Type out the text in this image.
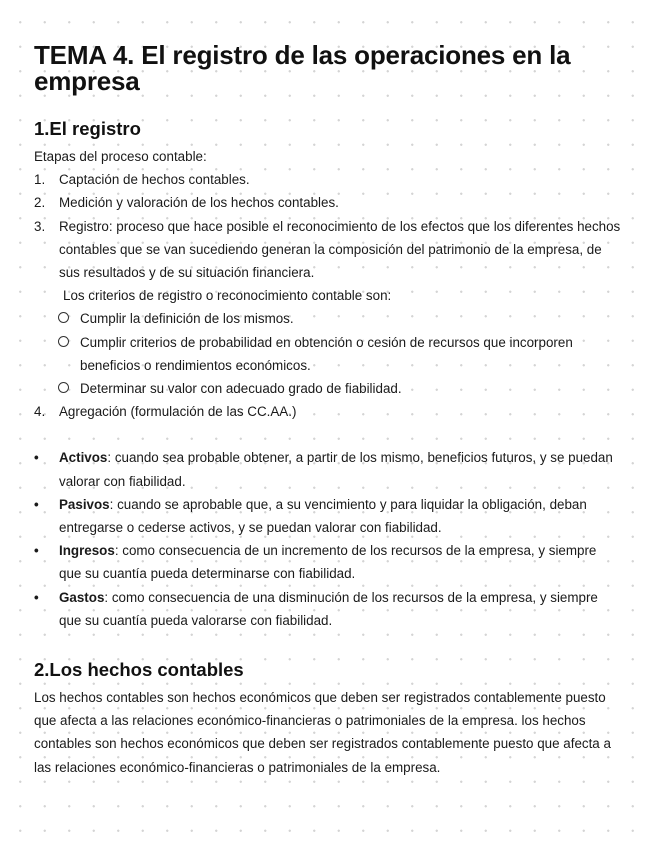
TEMA 4. El registro de las operaciones en la empresa
1.El registro
Etapas del proceso contable:
1.	Captación de hechos contables.
2.	Medición y valoración de los hechos contables.
3.	Registro: proceso que hace posible el reconocimiento de los efectos que los diferentes hechos contables que se van sucediendo generan la composición del patrimonio de la empresa, de sus resultados y de su situación financiera.
Los criterios de registro o reconocimiento contable son:
Cumplir la definición de los mismos.
Cumplir criterios de probabilidad en obtención o cesión de recursos que incorporen beneficios o rendimientos económicos.
Determinar su valor con adecuado grado de fiabilidad.
4.	Agregación (formulación de las CC.AA.)
•	Activos: cuando sea probable obtener, a partir de los mismo, beneficios futuros, y se puedan valorar con fiabilidad.
•	Pasivos: cuando se aprobable que, a su vencimiento y para liquidar la obligación, deban entregarse o cederse activos, y se puedan valorar con fiabilidad.
•	Ingresos: como consecuencia de un incremento de los recursos de la empresa, y siempre que su cuantía pueda determinarse con fiabilidad.
•	Gastos: como consecuencia de una disminución de los recursos de la empresa, y siempre que su cuantía pueda valorarse con fiabilidad.
2.Los hechos contables
Los hechos contables son hechos económicos que deben ser registrados contablemente puesto que afecta a las relaciones económico-financieras o patrimoniales de la empresa. los hechos contables son hechos económicos que deben ser registrados contablemente puesto que afecta a las relaciones económico-financieras o patrimoniales de la empresa.
